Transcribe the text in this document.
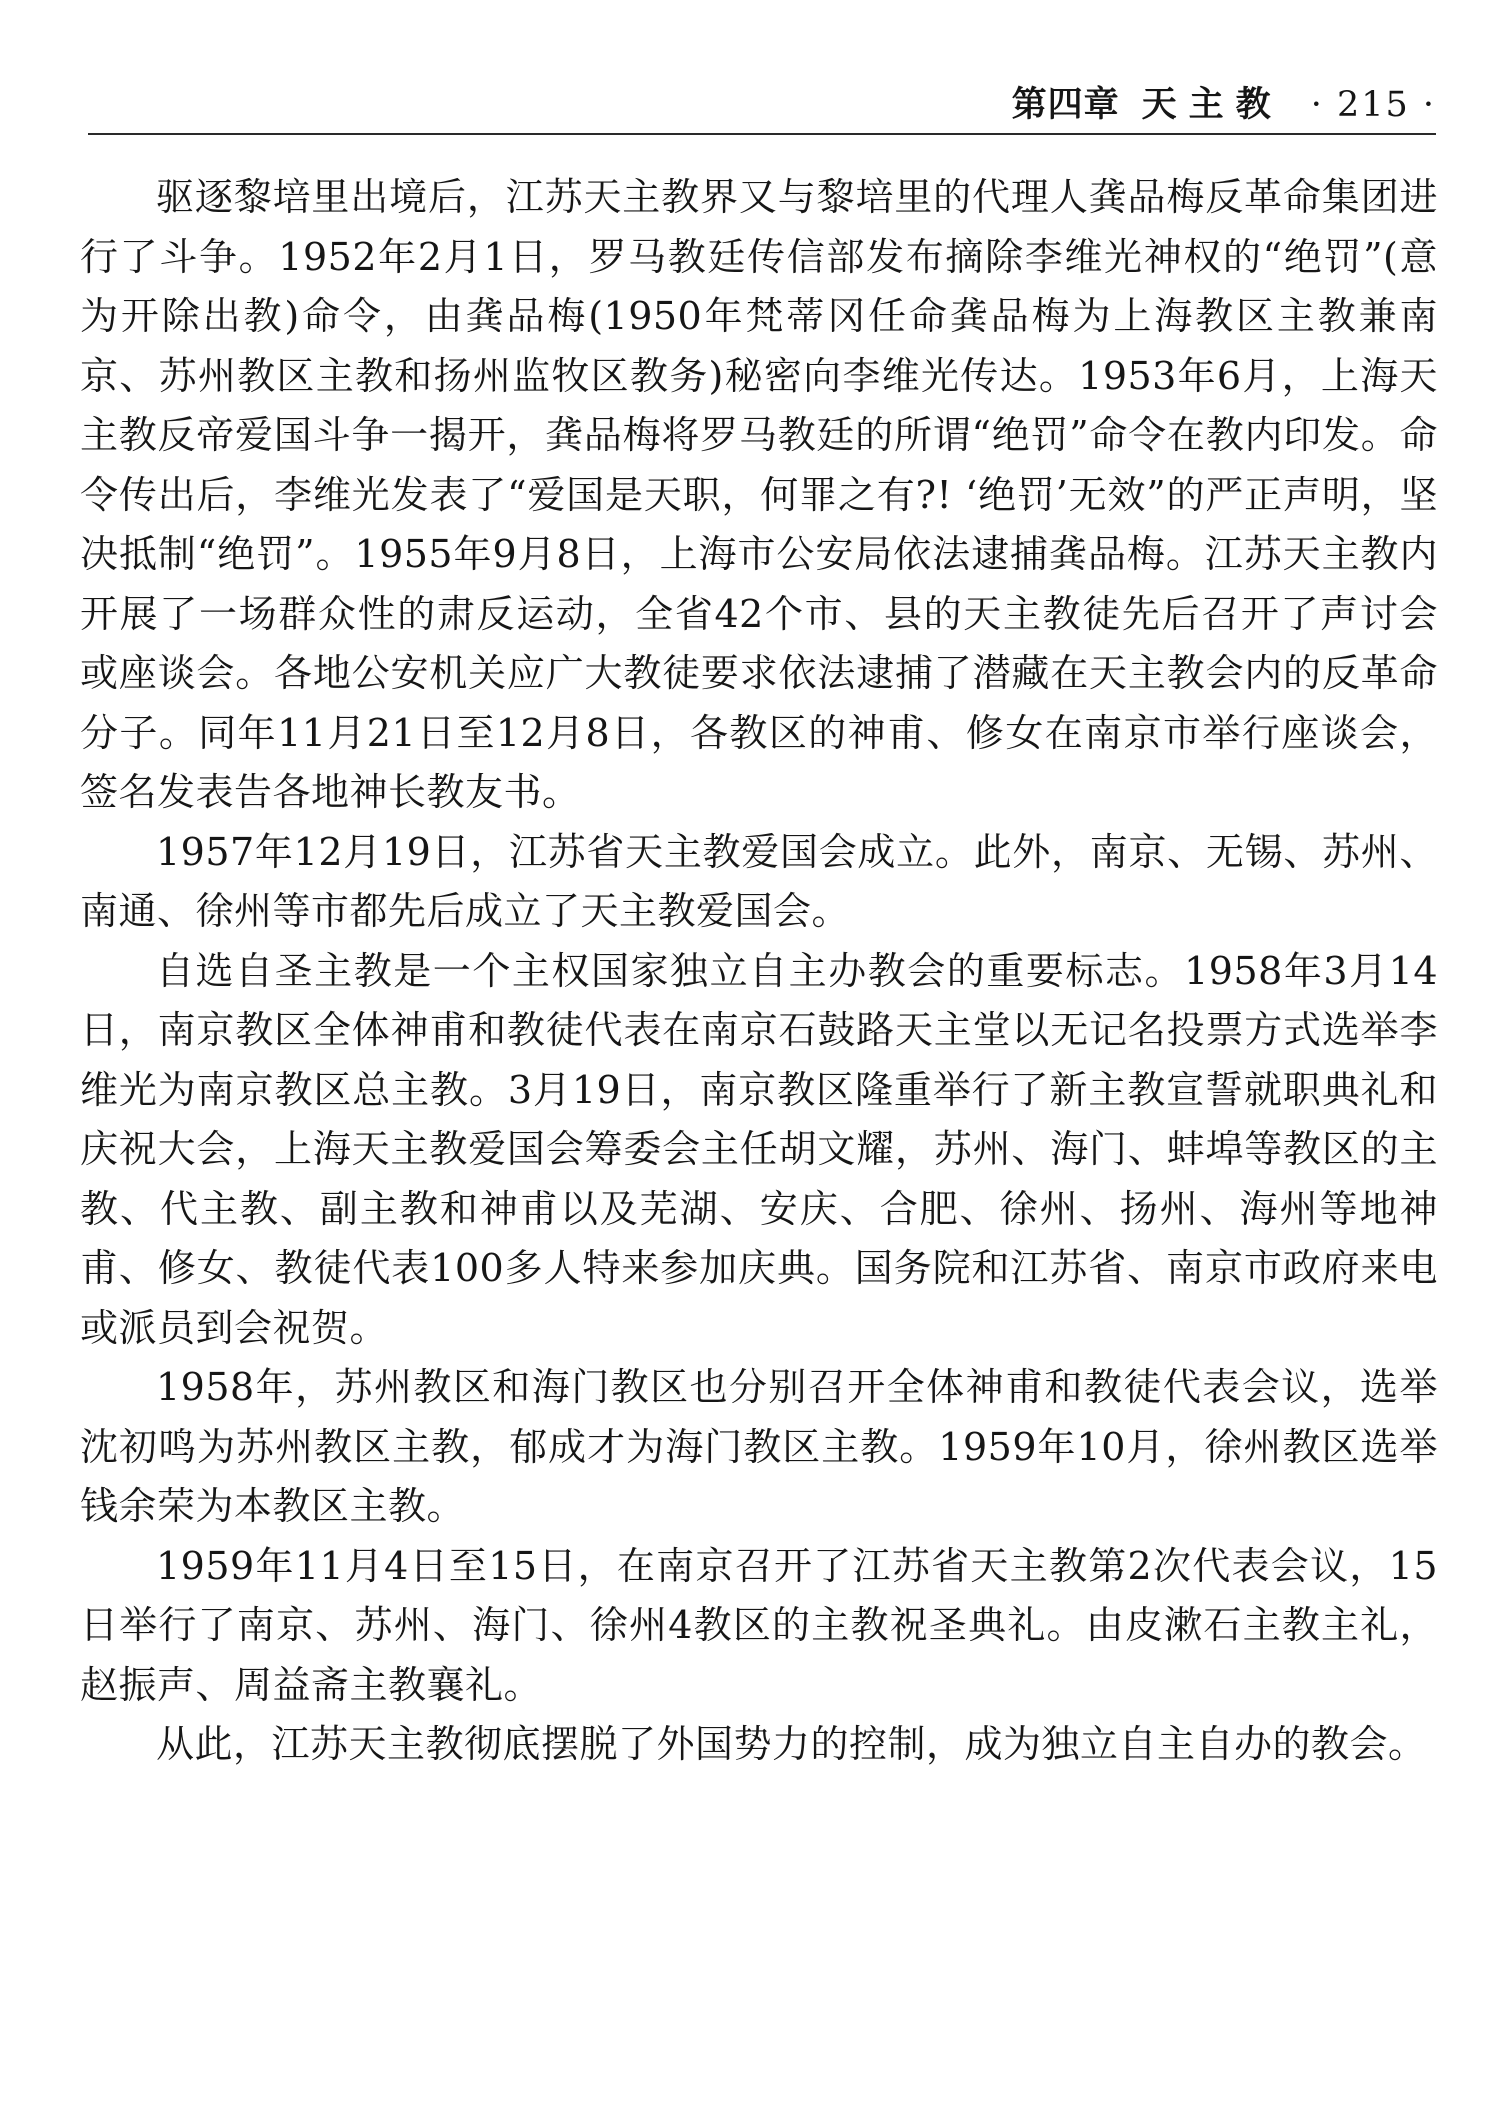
第四章 天主教 · 215 ·

驱逐黎培里出境后，江苏天主教界又与黎培里的代理人龚品梅反革命集团进行了斗争。1952年2月1日，罗马教廷传信部发布摘除李维光神权的“绝罚”(意为开除出教)命令，由龚品梅(1950年梵蒂冈任命龚品梅为上海教区主教兼南京、苏州教区主教和扬州监牧区教务)秘密向李维光传达。1953年6月，上海天主教反帝爱国斗争一揭开，龚品梅将罗马教廷的所谓“绝罚”命令在教内印发。命令传出后，李维光发表了“爱国是天职，何罪之有?! ‘绝罚’无效”的严正声明，坚决抵制“绝罚”。1955年9月8日，上海市公安局依法逮捕龚品梅。江苏天主教内开展了一场群众性的肃反运动，全省42个市、县的天主教徒先后召开了声讨会或座谈会。各地公安机关应广大教徒要求依法逮捕了潜藏在天主教会内的反革命分子。同年11月21日至12月8日，各教区的神甫、修女在南京市举行座谈会，签名发表告各地神长教友书。

1957年12月19日，江苏省天主教爱国会成立。此外，南京、无锡、苏州、南通、徐州等市都先后成立了天主教爱国会。

自选自圣主教是一个主权国家独立自主办教会的重要标志。1958年3月14日，南京教区全体神甫和教徒代表在南京石鼓路天主堂以无记名投票方式选举李维光为南京教区总主教。3月19日，南京教区隆重举行了新主教宣誓就职典礼和庆祝大会，上海天主教爱国会筹委会主任胡文耀，苏州、海门、蚌埠等教区的主教、代主教、副主教和神甫以及芜湖、安庆、合肥、徐州、扬州、海州等地神甫、修女、教徒代表100多人特来参加庆典。国务院和江苏省、南京市政府来电或派员到会祝贺。

1958年，苏州教区和海门教区也分别召开全体神甫和教徒代表会议，选举沈初鸣为苏州教区主教，郁成才为海门教区主教。1959年10月，徐州教区选举钱余荣为本教区主教。

1959年11月4日至15日，在南京召开了江苏省天主教第2次代表会议，15日举行了南京、苏州、海门、徐州4教区的主教祝圣典礼。由皮漱石主教主礼，赵振声、周益斋主教襄礼。

从此，江苏天主教彻底摆脱了外国势力的控制，成为独立自主自办的教会。
